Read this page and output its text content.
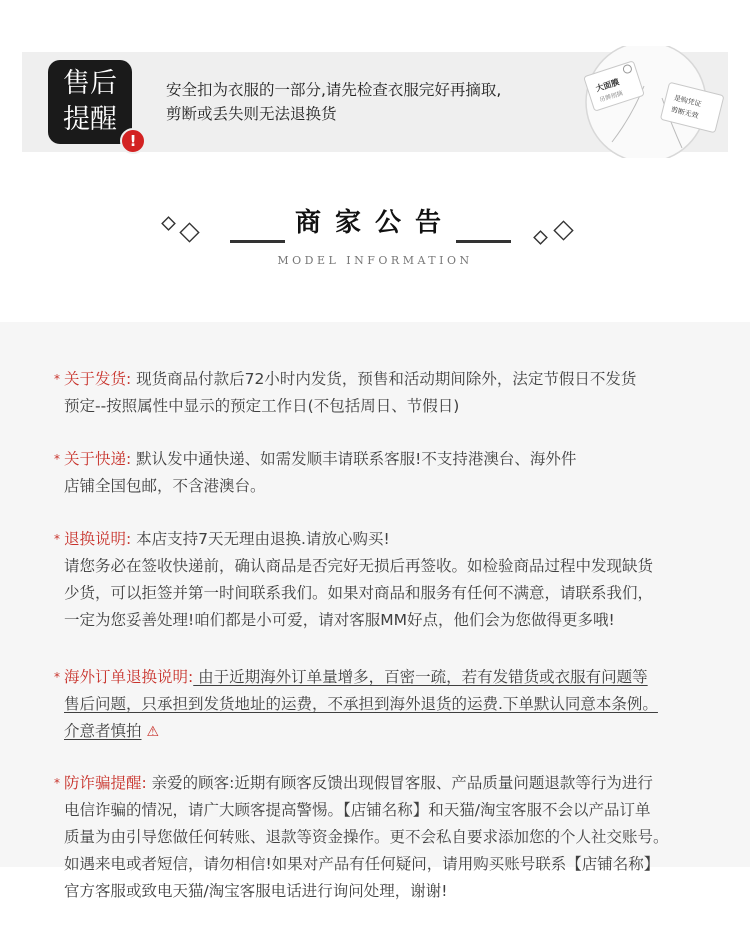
售后
提醒
!
安全扣为衣服的一部分,请先检查衣服完好再摘取,
剪断或丢失则无法退换货
大面膜
吊牌别摘	是购凭证
剪断无效
商家公告
MODEL INFORMATION
* 关于发货: 现货商品付款后72小时内发货，预售和活动期间除外，法定节假日不发货
预定--按照属性中显示的预定工作日(不包括周日、节假日)
* 关于快递: 默认发中通快递、如需发顺丰请联系客服!不支持港澳台、海外件
店铺全国包邮，不含港澳台。
* 退换说明: 本店支持7天无理由退换.请放心购买!
请您务必在签收快递前，确认商品是否完好无损后再签收。如检验商品过程中发现缺货
少货，可以拒签并第一时间联系我们。如果对商品和服务有任何不满意，请联系我们，
一定为您妥善处理!咱们都是小可爱，请对客服MM好点，他们会为您做得更多哦!
* 海外订单退换说明: 由于近期海外订单量增多，百密一疏，若有发错货或衣服有问题等
售后问题，只承担到发货地址的运费，不承担到海外退货的运费.下单默认同意本条例。
介意者慎拍 ⚠
* 防诈骗提醒: 亲爱的顾客:近期有顾客反馈出现假冒客服、产品质量问题退款等行为进行
电信诈骗的情况，请广大顾客提高警惕。【店铺名称】和天猫/淘宝客服不会以产品订单
质量为由引导您做任何转账、退款等资金操作。更不会私自要求添加您的个人社交账号。
如遇来电或者短信，请勿相信!如果对产品有任何疑问，请用购买账号联系【店铺名称】
官方客服或致电天猫/淘宝客服电话进行询问处理，谢谢!
